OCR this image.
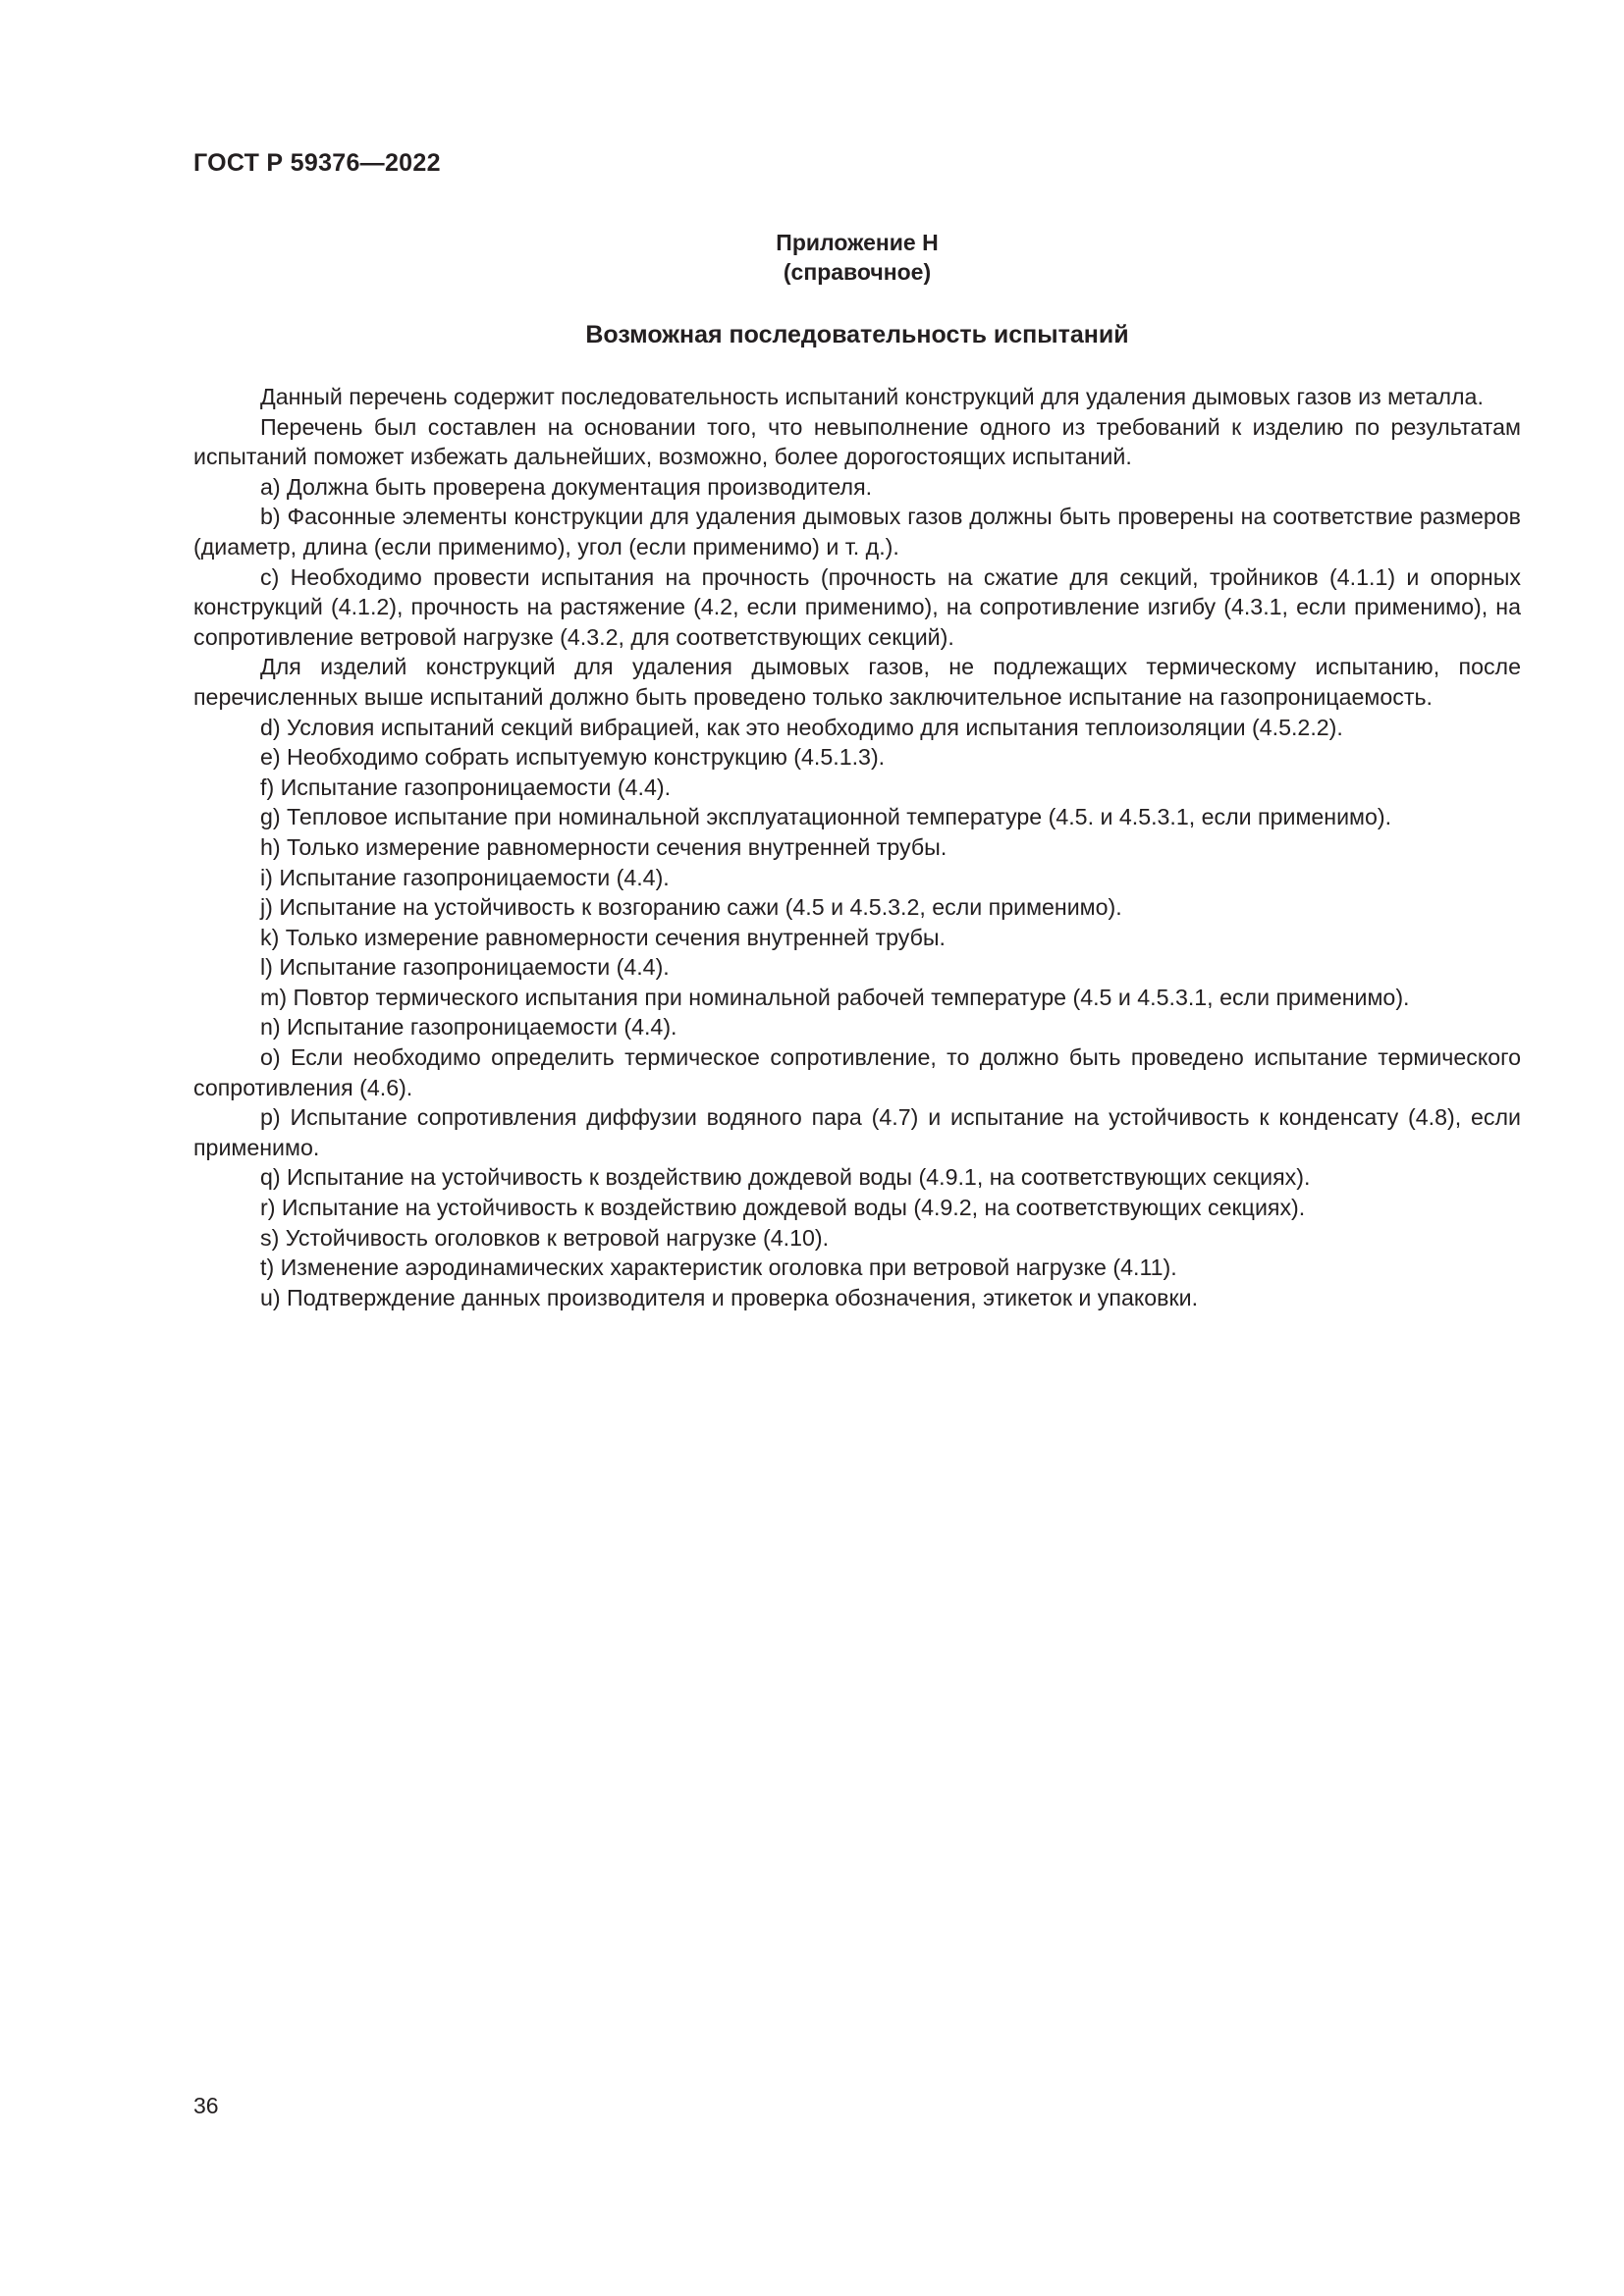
ГОСТ Р 59376—2022
Приложение Н
(справочное)
Возможная последовательность испытаний

Данный перечень содержит последовательность испытаний конструкций для удаления дымовых газов из металла.

Перечень был составлен на основании того, что невыполнение одного из требований к изделию по результатам испытаний поможет избежать дальнейших, возможно, более дорогостоящих испытаний.

a) Должна быть проверена документация производителя.

b) Фасонные элементы конструкции для удаления дымовых газов должны быть проверены на соответствие размеров (диаметр, длина (если применимо), угол (если применимо) и т. д.).

c) Необходимо провести испытания на прочность (прочность на сжатие для секций, тройников (4.1.1) и опорных конструкций (4.1.2), прочность на растяжение (4.2, если применимо), на сопротивление изгибу (4.3.1, если применимо), на сопротивление ветровой нагрузке (4.3.2, для соответствующих секций).

Для изделий конструкций для удаления дымовых газов, не подлежащих термическому испытанию, после перечисленных выше испытаний должно быть проведено только заключительное испытание на газопроницаемость.

d) Условия испытаний секций вибрацией, как это необходимо для испытания теплоизоляции (4.5.2.2).

e) Необходимо собрать испытуемую конструкцию (4.5.1.3).

f) Испытание газопроницаемости (4.4).

g) Тепловое испытание при номинальной эксплуатационной температуре (4.5. и 4.5.3.1, если применимо).

h) Только измерение равномерности сечения внутренней трубы.

i) Испытание газопроницаемости (4.4).

j) Испытание на устойчивость к возгоранию сажи (4.5 и 4.5.3.2, если применимо).

k) Только измерение равномерности сечения внутренней трубы.

l) Испытание газопроницаемости (4.4).

m) Повтор термического испытания при номинальной рабочей температуре (4.5 и 4.5.3.1, если применимо).

n) Испытание газопроницаемости (4.4).

o) Если необходимо определить термическое сопротивление, то должно быть проведено испытание термического сопротивления (4.6).

p) Испытание сопротивления диффузии водяного пара (4.7) и испытание на устойчивость к конденсату (4.8), если применимо.

q) Испытание на устойчивость к воздействию дождевой воды (4.9.1, на соответствующих секциях).

r) Испытание на устойчивость к воздействию дождевой воды (4.9.2, на соответствующих секциях).

s) Устойчивость оголовков к ветровой нагрузке (4.10).

t) Изменение аэродинамических характеристик оголовка при ветровой нагрузке (4.11).

u) Подтверждение данных производителя и проверка обозначения, этикеток и упаковки.

36
